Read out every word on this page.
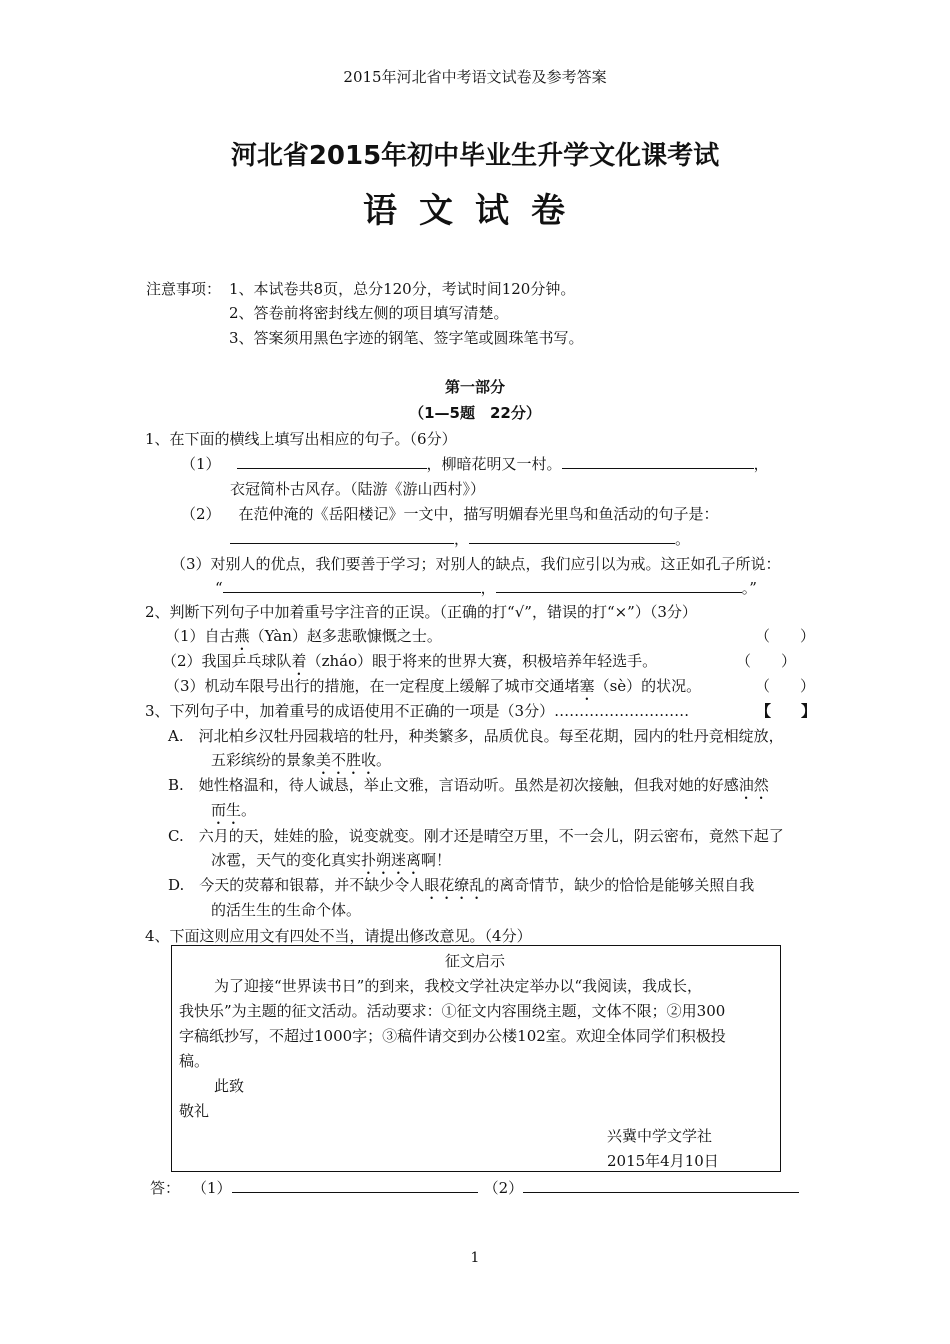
2015年河北省中考语文试卷及参考答案
河北省2015年初中毕业生升学文化课考试
语文试卷
注意事项： 1、本试卷共8页，总分120分，考试时间120分钟。
2、答卷前将密封线左侧的项目填写清楚。
3、答案须用黑色字迹的钢笔、签字笔或圆珠笔书写。
第一部分
（1—5题　22分）
1、在下面的横线上填写出相应的句子。（6分）
（1）	，柳暗花明又一村。	，
衣冠简朴古风存。（陆游《游山西村》）
（2） 在范仲淹的《岳阳楼记》一文中，描写明媚春光里鸟和鱼活动的句子是：
，	。
（3）对别人的优点，我们要善于学习；对别人的缺点，我们应引以为戒。这正如孔子所说：
“	，	。”
2、判断下列句子中加着重号字注音的正误。（正确的打“√”，错误的打“×”）（3分）
（1）自古燕（Yàn）赵多悲歌慷慨之士。	（　　）
（2）我国乒乓球队着（zháo）眼于将来的世界大赛，积极培养年轻选手。	（　　）
（3）机动车限号出行的措施，在一定程度上缓解了城市交通堵塞（sè）的状况。	（　　）
3、下列句子中，加着重号的成语使用不正确的一项是（3分）………………………	【　　】
A.　河北柏乡汉牡丹园栽培的牡丹，种类繁多，品质优良。每至花期，园内的牡丹竞相绽放，
五彩缤纷的景象美不胜收。
B.　她性格温和，待人诚恳，举止文雅，言语动听。虽然是初次接触，但我对她的好感油然
而生。
C.　六月的天，娃娃的脸，说变就变。刚才还是晴空万里，不一会儿，阴云密布，竟然下起了
冰雹，天气的变化真实扑朔迷离啊！
D.　今天的荧幕和银幕，并不缺少令人眼花缭乱的离奇情节，缺少的恰恰是能够关照自我
的活生生的生命个体。
4、下面这则应用文有四处不当，请提出修改意见。（4分）
征文启示
为了迎接“世界读书日”的到来，我校文学社决定举办以“我阅读，我成长，
我快乐”为主题的征文活动。活动要求：①征文内容围绕主题，文体不限；②用300
字稿纸抄写，不超过1000字；③稿件请交到办公楼102室。欢迎全体同学们积极投
稿。
此致
敬礼
兴冀中学文学社
2015年4月10日
答： （1）	（2）
1
